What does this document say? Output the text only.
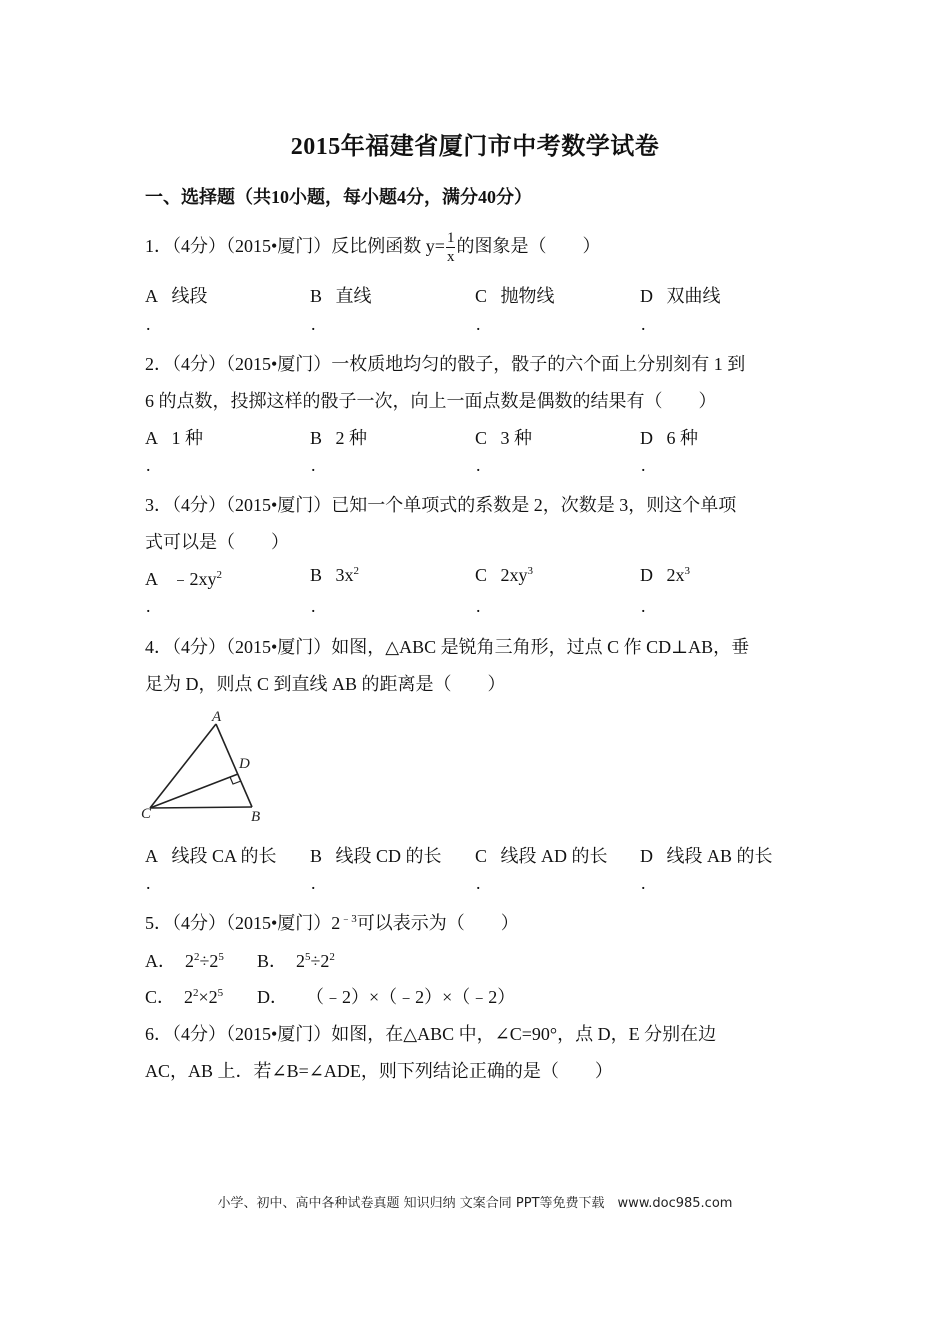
2015年福建省厦门市中考数学试卷
一、选择题（共10小题，每小题4分，满分40分）
1．（4分）（2015•厦门）反比例函数 $y= \frac{1}{x}$ 的图象是（　　）
A 线段	B 直线	C 抛物线	D 双曲线
.	.	.	.
2．（4分）（2015•厦门）一枚质地均匀的骰子，骰子的六个面上分别刻有 1 到
6 的点数，投掷这样的骰子一次，向上一面点数是偶数的结果有（　　）
A 1 种	B 2 种	C 3 种	D 6 种
.	.	.	.
3．（4分）（2015•厦门）已知一个单项式的系数是 2，次数是 3，则这个单项
式可以是（　　）
A $﹣2xy^2$	B $3x^2$	C $2xy^3$	D $2x^3$
.	.	.	.
4．（4分）（2015•厦门）如图，△ABC 是锐角三角形，过点 C 作 CD⊥AB，垂
足为 D，则点 C 到直线 AB 的距离是（　　）
A
D
C	B
A 线段 CA 的长 B 线段 CD 的长 C 线段 AD 的长 D 线段 AB 的长
.	.	.	.
5．（4分）（2015•厦门）$2^{﹣3}$可以表示为（　　）
A． $2^2\div 2^5$ B． $2^5\div 2^2$
C． $2^2\times 2^5$ D． （﹣2）×（﹣2）×（﹣2）
6．（4分）（2015•厦门）如图，在△ABC 中，∠C=90°，点 D，E 分别在边
AC，AB 上．若∠B=∠ADE，则下列结论正确的是（　　）
小学、初中、高中各种试卷真题 知识归纳 文案合同 PPT等免费下载　www.doc985.com
